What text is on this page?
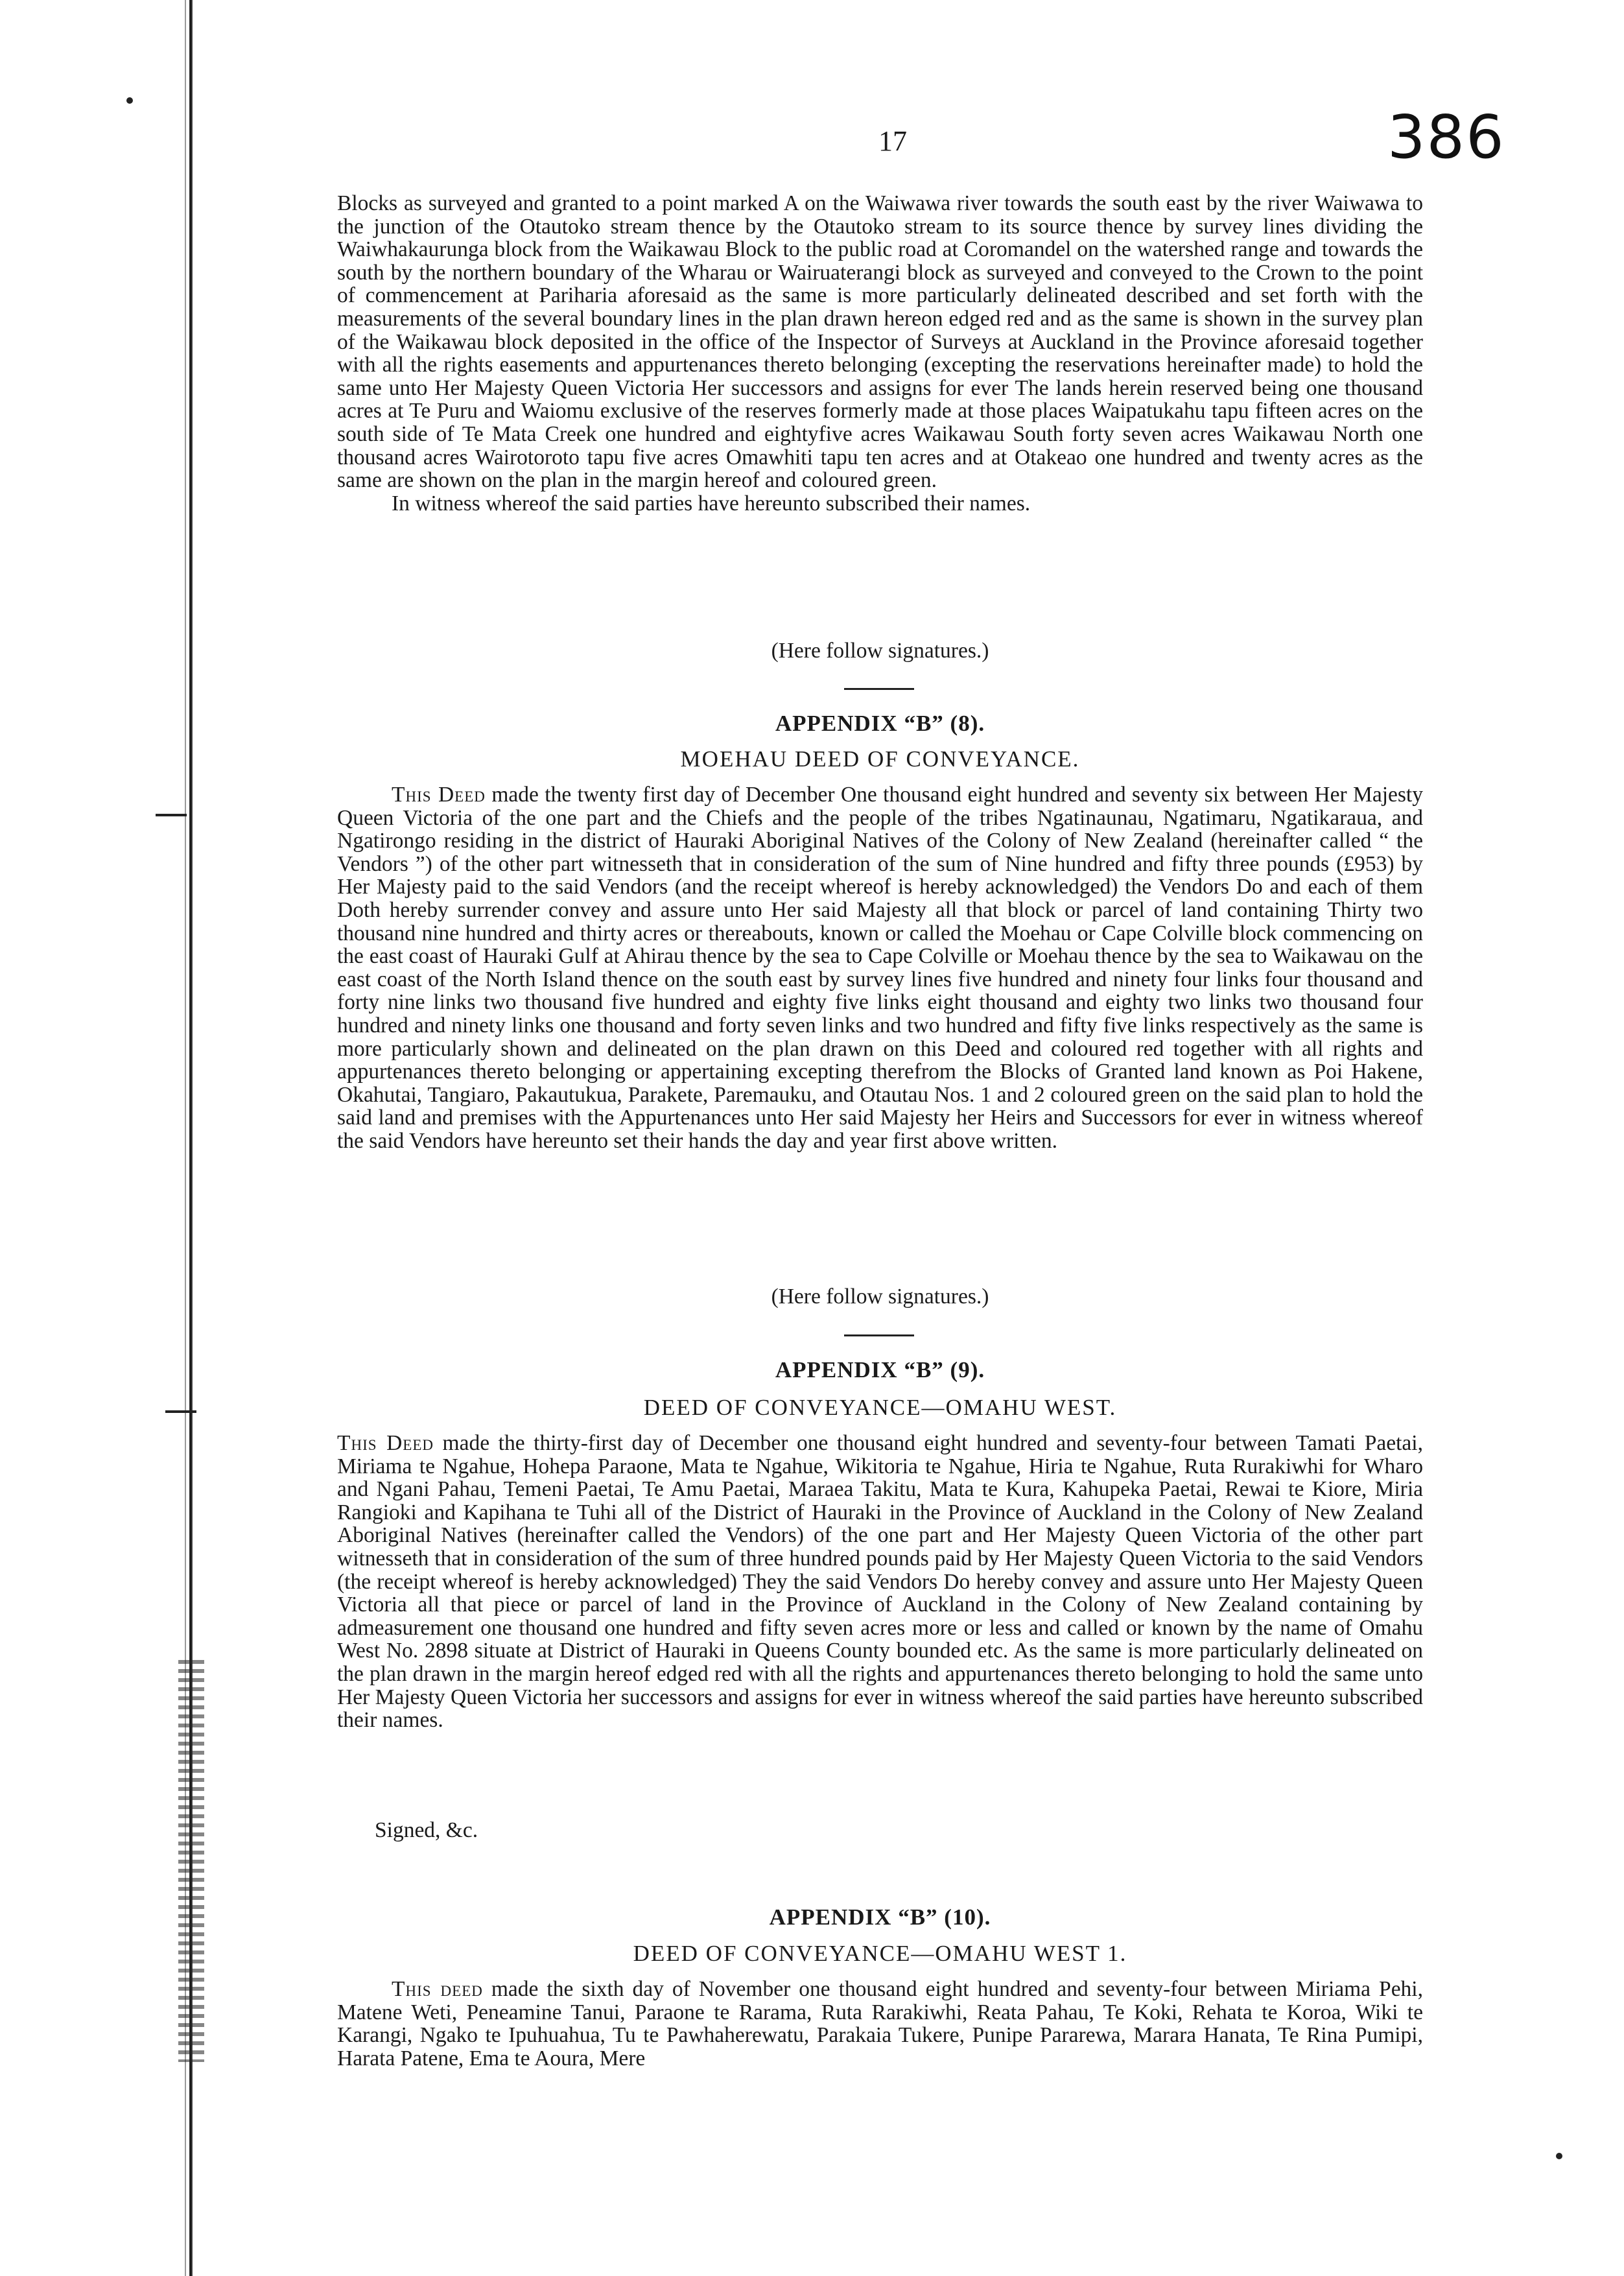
17	386

Blocks as surveyed and granted to a point marked A on the Waiwawa river towards the south east by the river Waiwawa to the junction of the Otautoko stream thence by the Otautoko stream to its source thence by survey lines dividing the Waiwhakaurunga block from the Waikawau Block to the public road at Coromandel on the watershed range and towards the south by the northern boundary of the Wharau or Wairuaterangi block as surveyed and conveyed to the Crown to the point of commencement at Pariharia aforesaid as the same is more particularly delineated described and set forth with the measurements of the several boundary lines in the plan drawn hereon edged red and as the same is shown in the survey plan of the Waikawau block deposited in the office of the Inspector of Surveys at Auckland in the Province aforesaid together with all the rights easements and appurtenances thereto belonging (excepting the reservations hereinafter made) to hold the same unto Her Majesty Queen Victoria Her successors and assigns for ever The lands herein reserved being one thousand acres at Te Puru and Waiomu exclusive of the reserves formerly made at those places Waipatukahu tapu fifteen acres on the south side of Te Mata Creek one hundred and eightyfive acres Waikawau South forty seven acres Waikawau North one thousand acres Wairotoroto tapu five acres Omawhiti tapu ten acres and at Otakeao one hundred and twenty acres as the same are shown on the plan in the margin hereof and coloured green.

In witness whereof the said parties have hereunto subscribed their names.

(Here follow signatures.)
APPENDIX “B” (8).
MOEHAU DEED OF CONVEYANCE.

This Deed made the twenty first day of December One thousand eight hundred and seventy six between Her Majesty Queen Victoria of the one part and the Chiefs and the people of the tribes Ngatinaunau, Ngatimaru, Ngatikaraua, and Ngatirongo residing in the district of Hauraki Aboriginal Natives of the Colony of New Zealand (hereinafter called “ the Vendors ”) of the other part witnesseth that in consideration of the sum of Nine hundred and fifty three pounds (£953) by Her Majesty paid to the said Vendors (and the receipt whereof is hereby acknowledged) the Vendors Do and each of them Doth hereby surrender convey and assure unto Her said Majesty all that block or parcel of land containing Thirty two thousand nine hundred and thirty acres or thereabouts, known or called the Moehau or Cape Colville block commencing on the east coast of Hauraki Gulf at Ahirau thence by the sea to Cape Colville or Moehau thence by the sea to Waikawau on the east coast of the North Island thence on the south east by survey lines five hundred and ninety four links four thousand and forty nine links two thousand five hundred and eighty five links eight thousand and eighty two links two thousand four hundred and ninety links one thousand and forty seven links and two hundred and fifty five links respectively as the same is more particularly shown and delineated on the plan drawn on this Deed and coloured red together with all rights and appurtenances thereto belonging or appertaining excepting therefrom the Blocks of Granted land known as Poi Hakene, Okahutai, Tangiaro, Pakautukua, Parakete, Paremauku, and Otautau Nos. 1 and 2 coloured green on the said plan to hold the said land and premises with the Appurtenances unto Her said Majesty her Heirs and Successors for ever in witness whereof the said Vendors have hereunto set their hands the day and year first above written.

(Here follow signatures.)
APPENDIX “B” (9).
DEED OF CONVEYANCE—OMAHU WEST.

This Deed made the thirty-first day of December one thousand eight hundred and seventy-four between Tamati Paetai, Miriama te Ngahue, Hohepa Paraone, Mata te Ngahue, Wikitoria te Ngahue, Hiria te Ngahue, Ruta Rurakiwhi for Wharo and Ngani Pahau, Temeni Paetai, Te Amu Paetai, Maraea Takitu, Mata te Kura, Kahupeka Paetai, Rewai te Kiore, Miria Rangioki and Kapihana te Tuhi all of the District of Hauraki in the Province of Auckland in the Colony of New Zealand Aboriginal Natives (hereinafter called the Vendors) of the one part and Her Majesty Queen Victoria of the other part witnesseth that in consideration of the sum of three hundred pounds paid by Her Majesty Queen Victoria to the said Vendors (the receipt whereof is hereby acknowledged) They the said Vendors Do hereby convey and assure unto Her Majesty Queen Victoria all that piece or parcel of land in the Province of Auckland in the Colony of New Zealand containing by admeasurement one thousand one hundred and fifty seven acres more or less and called or known by the name of Omahu West No. 2898 situate at District of Hauraki in Queens County bounded etc. As the same is more particularly delineated on the plan drawn in the margin hereof edged red with all the rights and appurtenances thereto belonging to hold the same unto Her Majesty Queen Victoria her successors and assigns for ever in witness whereof the said parties have hereunto subscribed their names.

Signed, &c.
APPENDIX “B” (10).
DEED OF CONVEYANCE—OMAHU WEST 1.

This deed made the sixth day of November one thousand eight hundred and seventy-four between Miriama Pehi, Matene Weti, Peneamine Tanui, Paraone te Rarama, Ruta Rarakiwhi, Reata Pahau, Te Koki, Rehata te Koroa, Wiki te Karangi, Ngako te Ipuhuahua, Tu te Pawhaherewatu, Parakaia Tukere, Punipe Pararewa, Marara Hanata, Te Rina Pumipi, Harata Patene, Ema te Aoura, Mere
